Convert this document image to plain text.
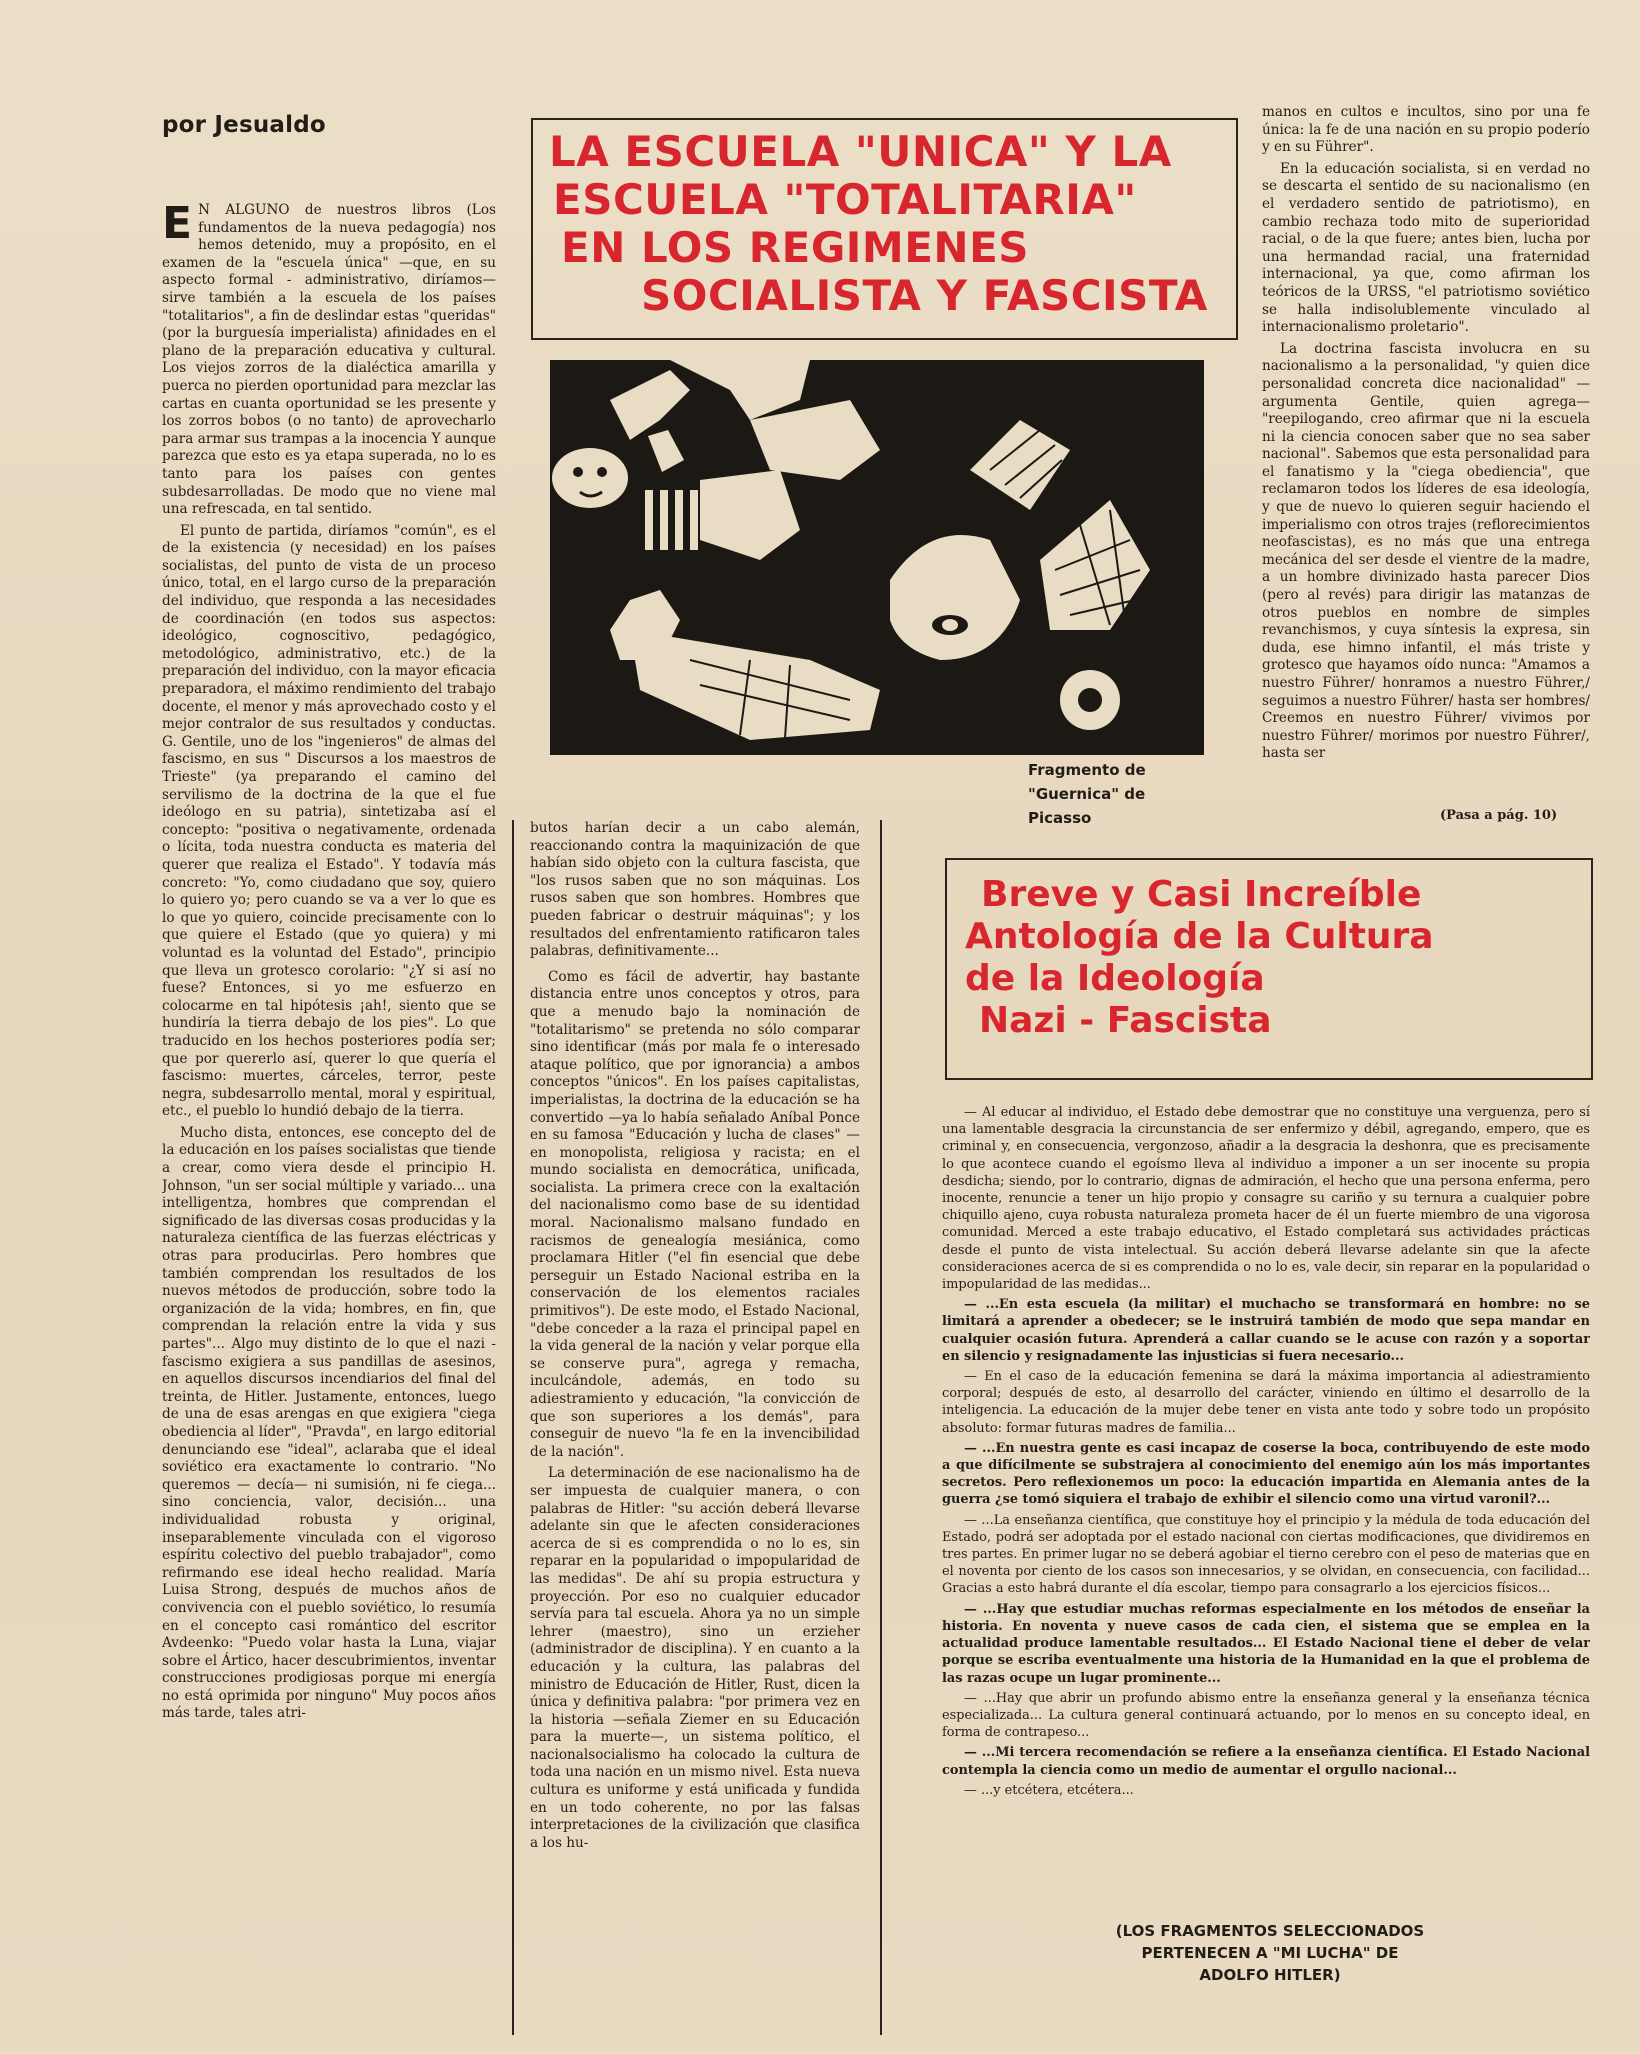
por Jesualdo

E N ALGUNO de nuestros libros (Los fundamentos de la nueva pedagogía) nos hemos detenido, muy a propósito, en el examen de la "escuela única" —que, en su aspecto formal - administrativo, diríamos— sirve también a la escuela de los países "totalitarios", a fin de deslindar estas "queridas" (por la burguesía imperialista) afinidades en el plano de la preparación educativa y cultural. Los viejos zorros de la dialéctica amarilla y puerca no pierden oportunidad para mezclar las cartas en cuanta oportunidad se les presente y los zorros bobos (o no tanto) de aprovecharlo para armar sus trampas a la inocencia Y aunque parezca que esto es ya etapa superada, no lo es tanto para los países con gentes subdesarrolladas. De modo que no viene mal una refrescada, en tal sentido.

El punto de partida, diríamos "común", es el de la existencia (y necesidad) en los países socialistas, del punto de vista de un proceso único, total, en el largo curso de la preparación del individuo, que responda a las necesidades de coordinación (en todos sus aspectos: ideológico, cognoscitivo, pedagógico, metodológico, administrativo, etc.) de la preparación del individuo, con la mayor eficacia preparadora, el máximo rendimiento del trabajo docente, el menor y más aprovechado costo y el mejor contralor de sus resultados y conductas. G. Gentile, uno de los "ingenieros" de almas del fascismo, en sus " Discursos a los maestros de Trieste" (ya preparando el camino del servilismo de la doctrina de la que el fue ideólogo en su patria), sintetizaba así el concepto: "positiva o negativamente, ordenada o lícita, toda nuestra conducta es materia del querer que realiza el Estado". Y todavía más concreto: "Yo, como ciudadano que soy, quiero lo quiero yo; pero cuando se va a ver lo que es lo que yo quiero, coincide precisamente con lo que quiere el Estado (que yo quiera) y mi voluntad es la voluntad del Estado", principio que lleva un grotesco corolario: "¿Y si así no fuese? Entonces, si yo me esfuerzo en colocarme en tal hipótesis ¡ah!, siento que se hundiría la tierra debajo de los pies". Lo que traducido en los hechos posteriores podía ser; que por quererlo así, querer lo que quería el fascismo: muertes, cárceles, terror, peste negra, subdesarrollo mental, moral y espiritual, etc., el pueblo lo hundió debajo de la tierra.

Mucho dista, entonces, ese concepto del de la educación en los países socialistas que tiende a crear, como viera desde el principio H. Johnson, "un ser social múltiple y variado... una intelligentza, hombres que comprendan el significado de las diversas cosas producidas y la naturaleza científica de las fuerzas eléctricas y otras para producirlas. Pero hombres que también comprendan los resultados de los nuevos métodos de producción, sobre todo la organización de la vida; hombres, en fin, que comprendan la relación entre la vida y sus partes"... Algo muy distinto de lo que el nazi - fascismo exigiera a sus pandillas de asesinos, en aquellos discursos incendiarios del final del treinta, de Hitler. Justamente, entonces, luego de una de esas arengas en que exigiera "ciega obediencia al líder", "Pravda", en largo editorial denunciando ese "ideal", aclaraba que el ideal soviético era exactamente lo contrario. "No queremos — decía— ni sumisión, ni fe ciega... sino conciencia, valor, decisión... una individualidad robusta y original, inseparablemente vinculada con el vigoroso espíritu colectivo del pueblo trabajador", como refirmando ese ideal hecho realidad. María Luisa Strong, después de muchos años de convivencia con el pueblo soviético, lo resumía en el concepto casi romántico del escritor Avdeenko: "Puedo volar hasta la Luna, viajar sobre el Ártico, hacer descubrimientos, inventar construcciones prodigiosas porque mi energía no está oprimida por ninguno" Muy pocos años más tarde, tales atri-

LA ESCUELA "UNICA" Y LA
ESCUELA "TOTALITARIA"
EN LOS REGIMENES
SOCIALISTA Y FASCISTA
Fragmento de
"Guernica" de
Picasso

butos harían decir a un cabo alemán, reaccionando contra la maquinización de que habían sido objeto con la cultura fascista, que "los rusos saben que no son máquinas. Los rusos saben que son hombres. Hombres que pueden fabricar o destruir máquinas"; y los resultados del enfrentamiento ratificaron tales palabras, definitivamente...

Como es fácil de advertir, hay bastante distancia entre unos conceptos y otros, para que a menudo bajo la nominación de "totalitarismo" se pretenda no sólo comparar sino identificar (más por mala fe o interesado ataque político, que por ignorancia) a ambos conceptos "únicos". En los países capitalistas, imperialistas, la doctrina de la educación se ha convertido —ya lo había señalado Aníbal Ponce en su famosa "Educación y lucha de clases" —en monopolista, religiosa y racista; en el mundo socialista en democrática, unificada, socialista. La primera crece con la exaltación del nacionalismo como base de su identidad moral. Nacionalismo malsano fundado en racismos de genealogía mesiánica, como proclamara Hitler ("el fin esencial que debe perseguir un Estado Nacional estriba en la conservación de los elementos raciales primitivos"). De este modo, el Estado Nacional, "debe conceder a la raza el principal papel en la vida general de la nación y velar porque ella se conserve pura", agrega y remacha, inculcándole, además, en todo su adiestramiento y educación, "la convicción de que son superiores a los demás", para conseguir de nuevo "la fe en la invencibilidad de la nación".

La determinación de ese nacionalismo ha de ser impuesta de cualquier manera, o con palabras de Hitler: "su acción deberá llevarse adelante sin que le afecten consideraciones acerca de si es comprendida o no lo es, sin reparar en la popularidad o impopularidad de las medidas". De ahí su propia estructura y proyección. Por eso no cualquier educador servía para tal escuela. Ahora ya no un simple lehrer (maestro), sino un erzieher (administrador de disciplina). Y en cuanto a la educación y la cultura, las palabras del ministro de Educación de Hitler, Rust, dicen la única y definitiva palabra: "por primera vez en la historia —señala Ziemer en su Educación para la muerte—, un sistema político, el nacionalsocialismo ha colocado la cultura de toda una nación en un mismo nivel. Esta nueva cultura es uniforme y está unificada y fundida en un todo coherente, no por las falsas interpretaciones de la civilización que clasifica a los hu-

manos en cultos e incultos, sino por una fe única: la fe de una nación en su propio poderío y en su Führer".

En la educación socialista, si en verdad no se descarta el sentido de su nacionalismo (en el verdadero sentido de patriotismo), en cambio rechaza todo mito de superioridad racial, o de la que fuere; antes bien, lucha por una hermandad racial, una fraternidad internacional, ya que, como afirman los teóricos de la URSS, "el patriotismo soviético se halla indisolublemente vinculado al internacionalismo proletario".

La doctrina fascista involucra en su nacionalismo a la personalidad, "y quien dice personalidad concreta dice nacionalidad" —argumenta Gentile, quien agrega— "reepilogando, creo afirmar que ni la escuela ni la ciencia conocen saber que no sea saber nacional". Sabemos que esta personalidad para el fanatismo y la "ciega obediencia", que reclamaron todos los líderes de esa ideología, y que de nuevo lo quieren seguir haciendo el imperialismo con otros trajes (reflorecimientos neofascistas), es no más que una entrega mecánica del ser desde el vientre de la madre, a un hombre divinizado hasta parecer Dios (pero al revés) para dirigir las matanzas de otros pueblos en nombre de simples revanchismos, y cuya síntesis la expresa, sin duda, ese himno infantil, el más triste y grotesco que hayamos oído nunca: "Amamos a nuestro Führer/ honramos a nuestro Führer,/ seguimos a nuestro Führer/ hasta ser hombres/ Creemos en nuestro Führer/ vivimos por nuestro Führer/ morimos por nuestro Führer/, hasta ser

(Pasa a pág. 10)
Breve y Casi Increíble
Antología de la Cultura
de la Ideología
Nazi - Fascista

— Al educar al individuo, el Estado debe demostrar que no constituye una verguenza, pero sí una lamentable desgracia la circunstancia de ser enfermizo y débil, agregando, empero, que es criminal y, en consecuencia, vergonzoso, añadir a la desgracia la deshonra, que es precisamente lo que acontece cuando el egoísmo lleva al individuo a imponer a un ser inocente su propia desdicha; siendo, por lo contrario, dignas de admiración, el hecho que una persona enferma, pero inocente, renuncie a tener un hijo propio y consagre su cariño y su ternura a cualquier pobre chiquillo ajeno, cuya robusta naturaleza prometa hacer de él un fuerte miembro de una vigorosa comunidad. Merced a este trabajo educativo, el Estado completará sus actividades prácticas desde el punto de vista intelectual. Su acción deberá llevarse adelante sin que la afecte consideraciones acerca de si es comprendida o no lo es, vale decir, sin reparar en la popularidad o impopularidad de las medidas...

— ...En esta escuela (la militar) el muchacho se transformará en hombre: no se limitará a aprender a obedecer; se le instruirá también de modo que sepa mandar en cualquier ocasión futura. Aprenderá a callar cuando se le acuse con razón y a soportar en silencio y resignadamente las injusticias si fuera necesario...

— En el caso de la educación femenina se dará la máxima importancia al adiestramiento corporal; después de esto, al desarrollo del carácter, viniendo en último el desarrollo de la inteligencia. La educación de la mujer debe tener en vista ante todo y sobre todo un propósito absoluto: formar futuras madres de familia...

— ...En nuestra gente es casi incapaz de coserse la boca, contribuyendo de este modo a que difícilmente se substrajera al conocimiento del enemigo aún los más importantes secretos. Pero reflexionemos un poco: la educación impartida en Alemania antes de la guerra ¿se tomó siquiera el trabajo de exhibir el silencio como una virtud varonil?...

— ...La enseñanza científica, que constituye hoy el principio y la médula de toda educación del Estado, podrá ser adoptada por el estado nacional con ciertas modificaciones, que dividiremos en tres partes. En primer lugar no se deberá agobiar el tierno cerebro con el peso de materias que en el noventa por ciento de los casos son innecesarios, y se olvidan, en consecuencia, con facilidad... Gracias a esto habrá durante el día escolar, tiempo para consagrarlo a los ejercicios físicos...

— ...Hay que estudiar muchas reformas especialmente en los métodos de enseñar la historia. En noventa y nueve casos de cada cien, el sistema que se emplea en la actualidad produce lamentable resultados... El Estado Nacional tiene el deber de velar porque se escriba eventualmente una historia de la Humanidad en la que el problema de las razas ocupe un lugar prominente...

— ...Hay que abrir un profundo abismo entre la enseñanza general y la enseñanza técnica especializada... La cultura general continuará actuando, por lo menos en su concepto ideal, en forma de contrapeso...

— ...Mi tercera recomendación se refiere a la enseñanza científica. El Estado Nacional contempla la ciencia como un medio de aumentar el orgullo nacional...

— ...y etcétera, etcétera...

(LOS FRAGMENTOS SELECCIONADOS
PERTENECEN A "MI LUCHA" DE
ADOLFO HITLER)
